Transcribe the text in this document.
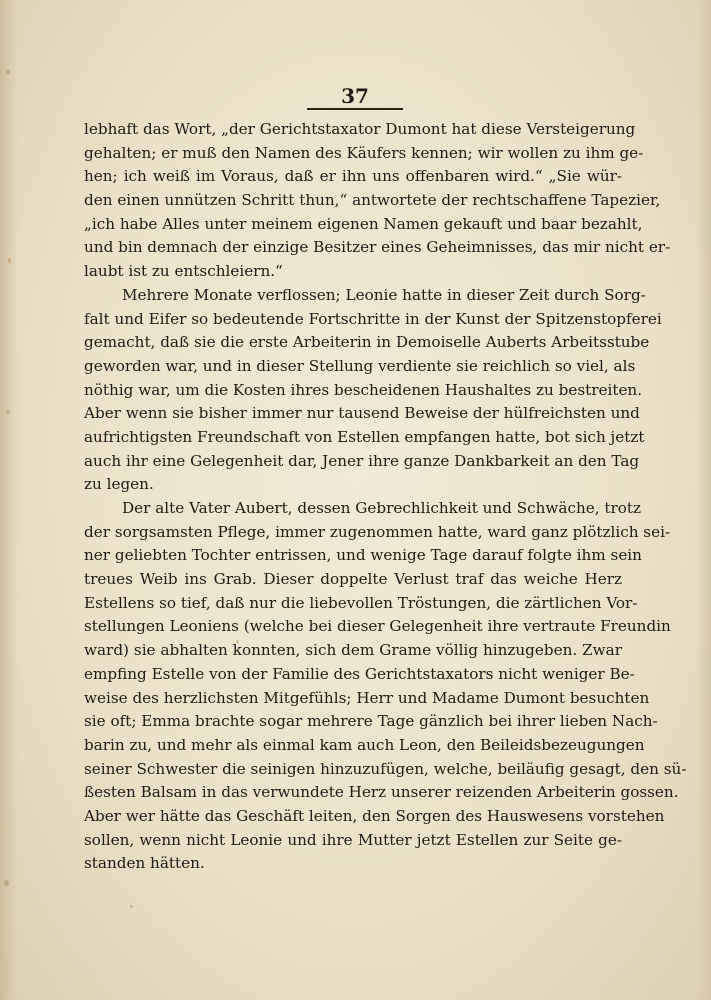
37
lebhaft das Wort, „der Gerichtstaxator Dumont hat diese Versteigerung
gehalten; er muß den Namen des Käufers kennen; wir wollen zu ihm ge-
hen; ich weiß im Voraus, daß er ihn uns offenbaren wird.“ „Sie wür-
den einen unnützen Schritt thun,“ antwortete der rechtschaffene Tapezier,
„ich habe Alles unter meinem eigenen Namen gekauft und baar bezahlt,
und bin demnach der einzige Besitzer eines Geheimnisses, das mir nicht er-
laubt ist zu entschleiern.“
Mehrere Monate verflossen; Leonie hatte in dieser Zeit durch Sorg-
falt und Eifer so bedeutende Fortschritte in der Kunst der Spitzenstopferei
gemacht, daß sie die erste Arbeiterin in Demoiselle Auberts Arbeitsstube
geworden war, und in dieser Stellung verdiente sie reichlich so viel, als
nöthig war, um die Kosten ihres bescheidenen Haushaltes zu bestreiten.
Aber wenn sie bisher immer nur tausend Beweise der hülfreichsten und
aufrichtigsten Freundschaft von Estellen empfangen hatte, bot sich jetzt
auch ihr eine Gelegenheit dar, Jener ihre ganze Dankbarkeit an den Tag
zu legen.
Der alte Vater Aubert, dessen Gebrechlichkeit und Schwäche, trotz
der sorgsamsten Pflege, immer zugenommen hatte, ward ganz plötzlich sei-
ner geliebten Tochter entrissen, und wenige Tage darauf folgte ihm sein
treues Weib ins Grab. Dieser doppelte Verlust traf das weiche Herz
Estellens so tief, daß nur die liebevollen Tröstungen, die zärtlichen Vor-
stellungen Leoniens (welche bei dieser Gelegenheit ihre vertraute Freundin
ward) sie abhalten konnten, sich dem Grame völlig hinzugeben. Zwar
empfing Estelle von der Familie des Gerichtstaxators nicht weniger Be-
weise des herzlichsten Mitgefühls; Herr und Madame Dumont besuchten
sie oft; Emma brachte sogar mehrere Tage gänzlich bei ihrer lieben Nach-
barin zu, und mehr als einmal kam auch Leon, den Beileidsbezeugungen
seiner Schwester die seinigen hinzuzufügen, welche, beiläufig gesagt, den sü-
ßesten Balsam in das verwundete Herz unserer reizenden Arbeiterin gossen.
Aber wer hätte das Geschäft leiten, den Sorgen des Hauswesens vorstehen
sollen, wenn nicht Leonie und ihre Mutter jetzt Estellen zur Seite ge-
standen hätten.
